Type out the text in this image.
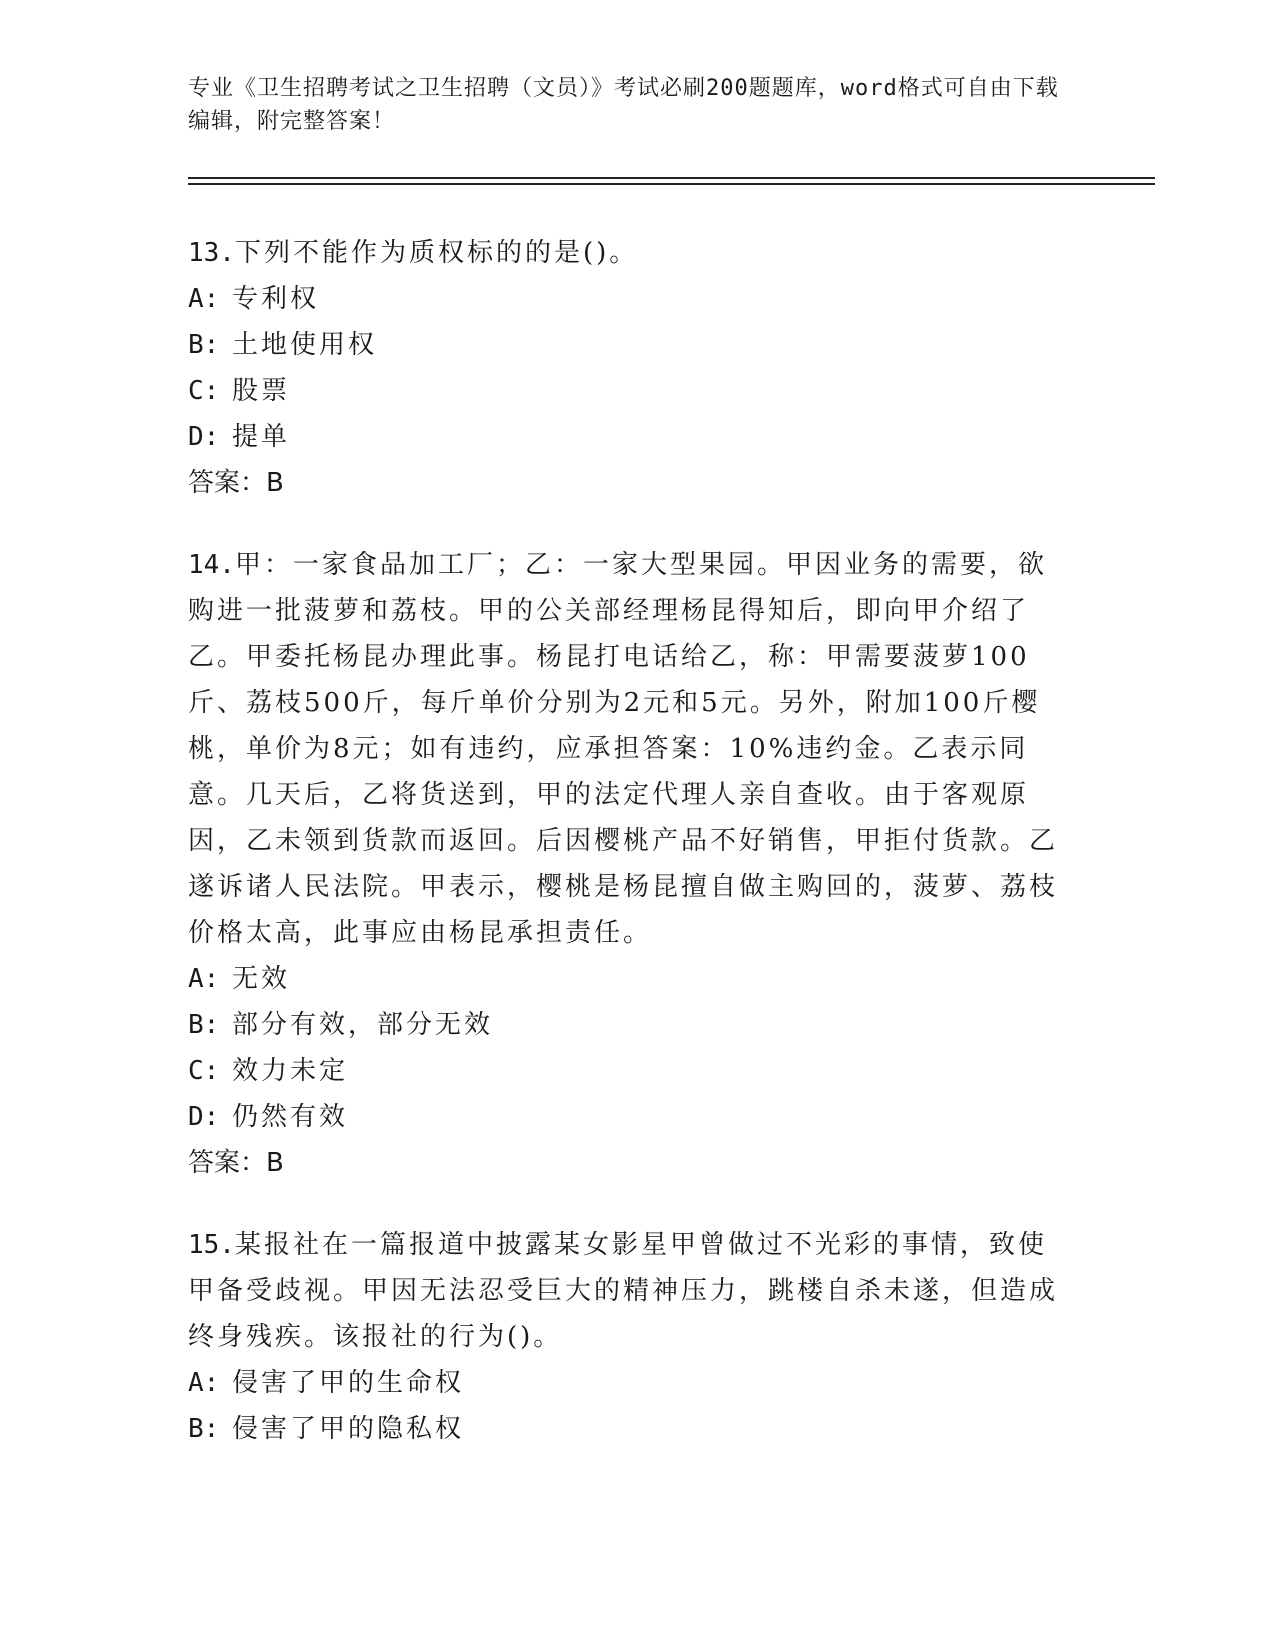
专业《卫生招聘考试之卫生招聘（文员）》考试必刷200题题库，word格式可自由下载编辑，附完整答案！

13.下列不能作为质权标的的是()。

A: 专利权

B: 土地使用权

C: 股票

D: 提单

答案：B

14.甲：一家食品加工厂；乙：一家大型果园。甲因业务的需要，欲购进一批菠萝和荔枝。甲的公关部经理杨昆得知后，即向甲介绍了乙。甲委托杨昆办理此事。杨昆打电话给乙，称：甲需要菠萝100斤、荔枝500斤，每斤单价分别为2元和5元。另外，附加100斤樱桃，单价为8元；如有违约，应承担答案：10%违约金。乙表示同意。几天后，乙将货送到，甲的法定代理人亲自查收。由于客观原因，乙未领到货款而返回。后因樱桃产品不好销售，甲拒付货款。乙遂诉诸人民法院。甲表示，樱桃是杨昆擅自做主购回的，菠萝、荔枝价格太高，此事应由杨昆承担责任。

A: 无效

B: 部分有效，部分无效

C: 效力未定

D: 仍然有效

答案：B

15.某报社在一篇报道中披露某女影星甲曾做过不光彩的事情，致使甲备受歧视。甲因无法忍受巨大的精神压力，跳楼自杀未遂，但造成终身残疾。该报社的行为()。

A: 侵害了甲的生命权

B: 侵害了甲的隐私权
